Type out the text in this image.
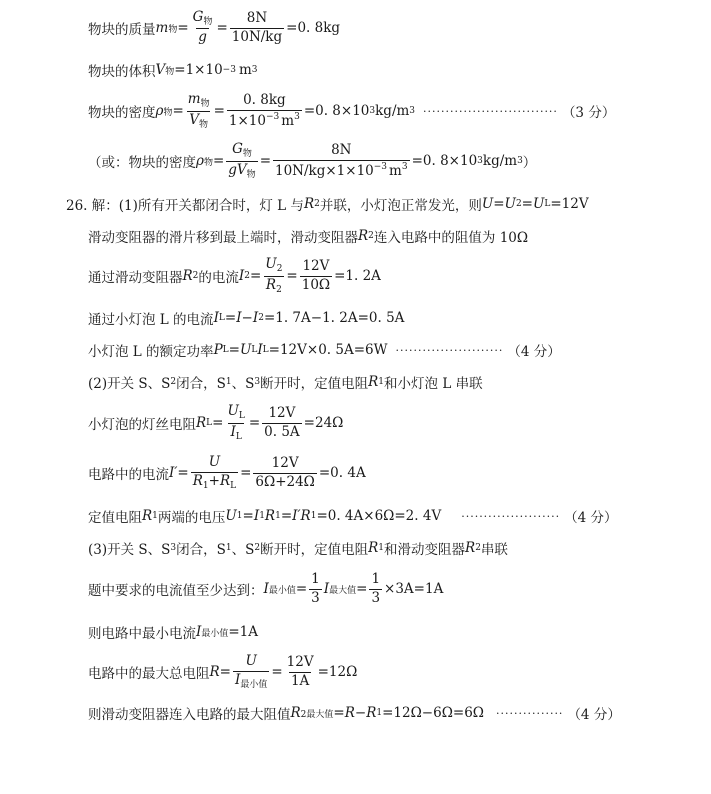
物块的质量 m 物 = $\frac{G_物}{g} = \frac{8N}{10N/kg} =0$. 8kg
物块的体积 V 物 =1×10 −3 m 3
物块的密度 ρ 物 = $\frac{m_物}{V_物} = \frac{0. 8kg}{1\times 10^{-3} m^3} =0$. 8×10 3 kg/m 3 ······························ （3 分）
（或：物块的密度 ρ 物 = $\frac{G_物}{gV_物} = \frac{8N}{10N/kg\times 1\times 10^{-3} m^3} =0$. 8×10 3 kg/m 3 ）
26. 解：(1)所有开关都闭合时，灯 L 与 R 2 并联，小灯泡正常发光，则 U = U 2 = U L =12V
滑动变阻器的滑片移到最上端时，滑动变阻器 R 2 连入电路中的阻值为 10Ω
通过滑动变阻器 R 2 的电流 I $2 = \frac{U_2}{R_2} = \frac{12V}{10\Omega} =1$. 2A
通过小灯泡 L 的电流 I L = I − I 2 =1. 7A−1. 2A=0. 5A
小灯泡 L 的额定功率 P L = U L I L =12V×0. 5A=6W ························ （4 分）
(2)开关 S、S 2 闭合，S 1 、S 3 断开时，定值电阻 R 1 和小灯泡 L 串联
小灯泡的灯丝电阻 R $L = \frac{U_L}{I_L} = \frac{12V}{0. 5A} =24\Omega$
电路中的电流 $I' = \frac{U}{R_1+R_L} = \frac{12V}{6\Omega+24\Omega} =0$. 4A
定值电阻 R 1 两端的电压 U 1 = I 1 R 1 = I′ R 1 =0. 4A×6Ω=2. 4V ······················ （4 分）
(3)开关 S、S 3 闭合，S 1 、S 2 断开时，定值电阻 R 1 和滑动变阻器 R 2 串联
题中要求的电流值至少达到： I 最小值 = $\frac{1}{3}$ I 最大值 = $\frac{1}{3} \times 3A=1A$
则电路中最小电流 I 最小值 =1A
电路中的最大总电阻 $R = \frac{U}{I_{最小值}} = \frac{12V}{1A} =12\Omega$
则滑动变阻器连入电路的最大阻值 R 2最大值 = R − R 1 =12Ω−6Ω=6Ω ··············· （4 分）
